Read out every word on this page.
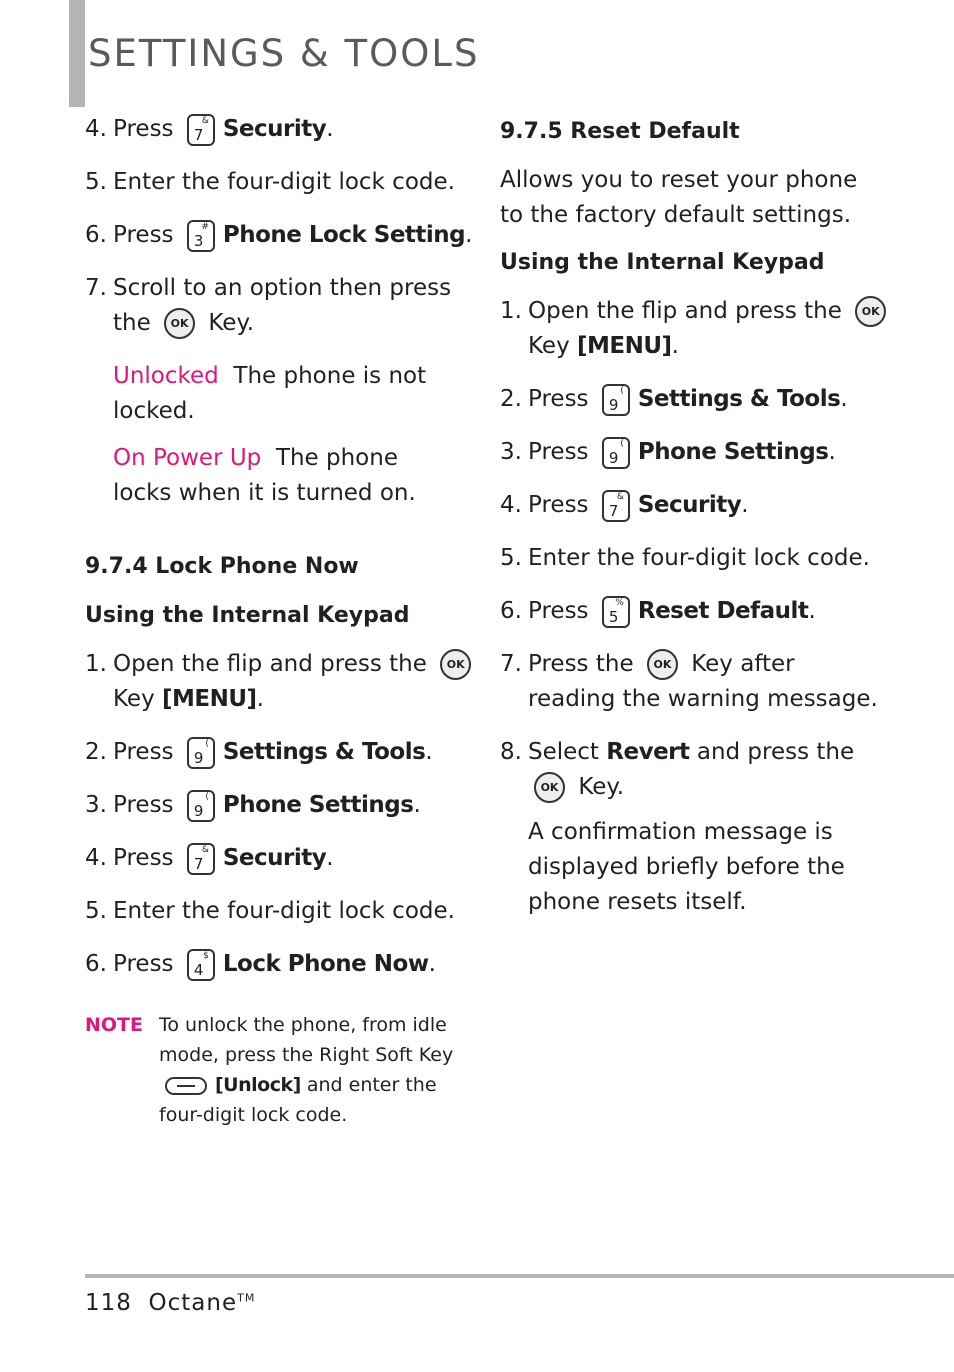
SETTINGS & TOOLS
4. Press 7
& Security.
5. Enter the four-digit lock code.
6. Press 3
# Phone Lock Setting.
7. Scroll to an option then press the OK Key.
Unlocked The phone is not locked.
On Power Up The phone locks when it is turned on.
9.7.4 Lock Phone Now
Using the Internal Keypad
1. Open the flip and press the OK
Key [MENU].
2. Press 9
( Settings & Tools.
3. Press 9
( Phone Settings.
4. Press 7
& Security.
5. Enter the four-digit lock code.
6. Press 4
$ Lock Phone Now.
NOTE To unlock the phone, from idle mode, press the Right Soft Key
[Unlock] and enter the four-digit lock code.
9.7.5 Reset Default
Allows you to reset your phone to the factory default settings.
Using the Internal Keypad
1. Open the flip and press the OK
Key [MENU].
2. Press 9
( Settings & Tools.
3. Press 9
( Phone Settings.
4. Press 7
& Security.
5. Enter the four-digit lock code.
6. Press 5
% Reset Default.
7. Press the OK Key after reading the warning message.
8. Select Revert and press the OK Key.
A confirmation message is displayed briefly before the phone resets itself.
118 Octane™
